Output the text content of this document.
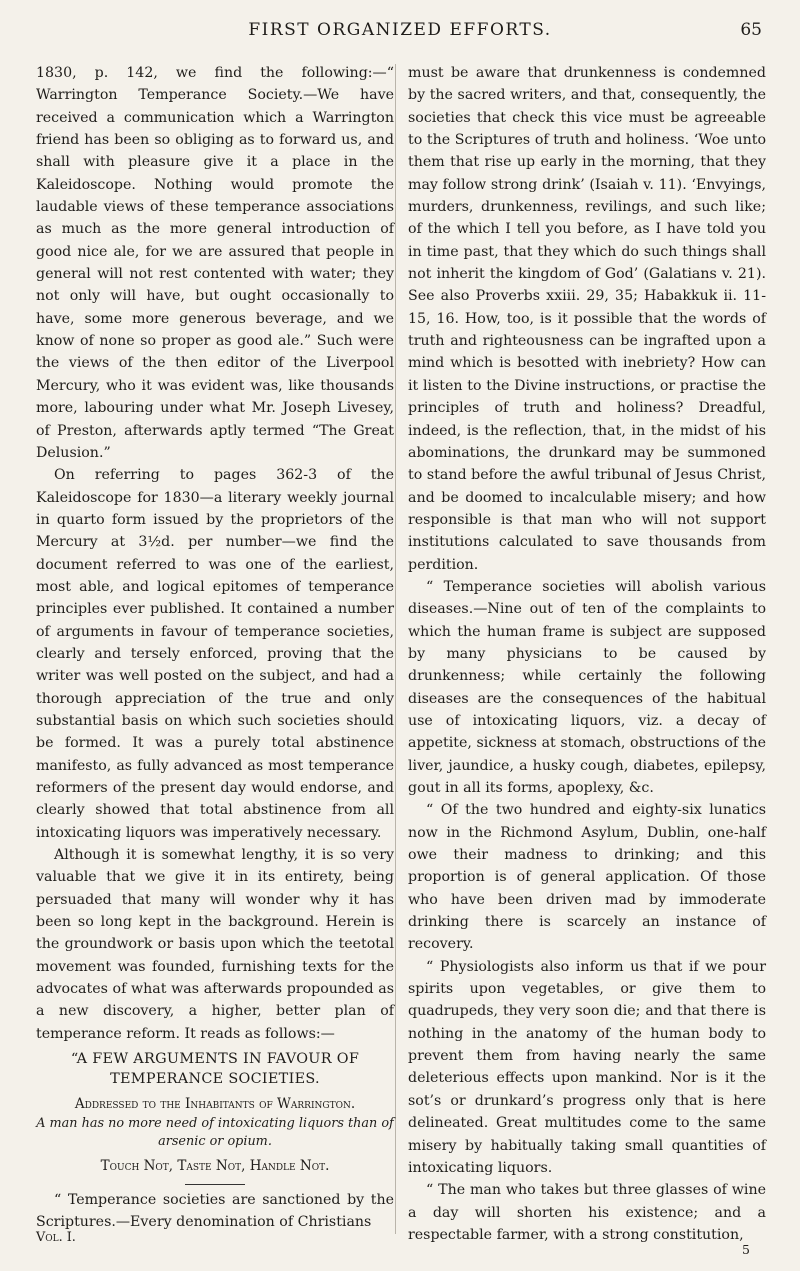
FIRST ORGANIZED EFFORTS.	65

1830, p. 142, we find the following:—“ Warrington Temperance Society.—We have received a communication which a Warrington friend has been so obliging as to forward us, and shall with pleasure give it a place in the Kaleidoscope. Nothing would promote the laudable views of these temperance associations as much as the more general introduction of good nice ale, for we are assured that people in general will not rest contented with water; they not only will have, but ought occasionally to have, some more generous beverage, and we know of none so proper as good ale.” Such were the views of the then editor of the Liverpool Mercury, who it was evident was, like thousands more, labouring under what Mr. Joseph Livesey, of Preston, afterwards aptly termed “The Great Delusion.”

On referring to pages 362-3 of the Kaleidoscope for 1830—a literary weekly journal in quarto form issued by the proprietors of the Mercury at 3½d. per number—we find the document referred to was one of the earliest, most able, and logical epitomes of temperance principles ever published. It contained a number of arguments in favour of temperance societies, clearly and tersely enforced, proving that the writer was well posted on the subject, and had a thorough appreciation of the true and only substantial basis on which such societies should be formed. It was a purely total abstinence manifesto, as fully advanced as most temperance reformers of the present day would endorse, and clearly showed that total abstinence from all intoxicating liquors was imperatively necessary.

Although it is somewhat lengthy, it is so very valuable that we give it in its entirety, being persuaded that many will wonder why it has been so long kept in the background. Herein is the groundwork or basis upon which the teetotal movement was founded, furnishing texts for the advocates of what was afterwards propounded as a new discovery, a higher, better plan of temperance reform. It reads as follows:—

“A FEW ARGUMENTS IN FAVOUR OF TEMPERANCE SOCIETIES.

Addressed to the Inhabitants of Warrington.

A man has no more need of intoxicating liquors than of arsenic or opium.

Touch Not, Taste Not, Handle Not.

“ Temperance societies are sanctioned by the Scriptures.—Every denomination of Christians

must be aware that drunkenness is condemned by the sacred writers, and that, consequently, the societies that check this vice must be agreeable to the Scriptures of truth and holiness. ‘Woe unto them that rise up early in the morning, that they may follow strong drink’ (Isaiah v. 11). ‘Envyings, murders, drunkenness, revilings, and such like; of the which I tell you before, as I have told you in time past, that they which do such things shall not inherit the kingdom of God’ (Galatians v. 21). See also Proverbs xxiii. 29, 35; Habakkuk ii. 11-15, 16. How, too, is it possible that the words of truth and righteousness can be ingrafted upon a mind which is besotted with inebriety? How can it listen to the Divine instructions, or practise the principles of truth and holiness? Dreadful, indeed, is the reflection, that, in the midst of his abominations, the drunkard may be summoned to stand before the awful tribunal of Jesus Christ, and be doomed to incalculable misery; and how responsible is that man who will not support institutions calculated to save thousands from perdition.

“ Temperance societies will abolish various diseases.—Nine out of ten of the complaints to which the human frame is subject are supposed by many physicians to be caused by drunkenness; while certainly the following diseases are the consequences of the habitual use of intoxicating liquors, viz. a decay of appetite, sickness at stomach, obstructions of the liver, jaundice, a husky cough, diabetes, epilepsy, gout in all its forms, apoplexy, &c.

“ Of the two hundred and eighty-six lunatics now in the Richmond Asylum, Dublin, one-half owe their madness to drinking; and this proportion is of general application. Of those who have been driven mad by immoderate drinking there is scarcely an instance of recovery.

“ Physiologists also inform us that if we pour spirits upon vegetables, or give them to quadrupeds, they very soon die; and that there is nothing in the anatomy of the human body to prevent them from having nearly the same deleterious effects upon mankind. Nor is it the sot’s or drunkard’s progress only that is here delineated. Great multitudes come to the same misery by habitually taking small quantities of intoxicating liquors.

“ The man who takes but three glasses of wine a day will shorten his existence; and a respectable farmer, with a strong constitution,

Vol. I.
5
